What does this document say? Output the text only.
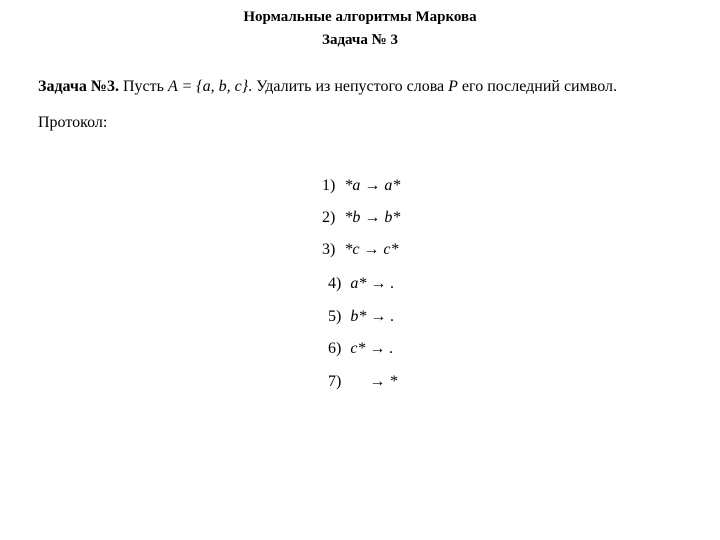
Нормальные алгоритмы Маркова
Задача № 3
Задача №3. Пусть A = {a, b, c}. Удалить из непустого слова P его последний символ.
Протокол:
1) *a → a*
2) *b → b*
3) *c → c*
4) a* → .
5) b* → .
6) c* → .
7) → *
